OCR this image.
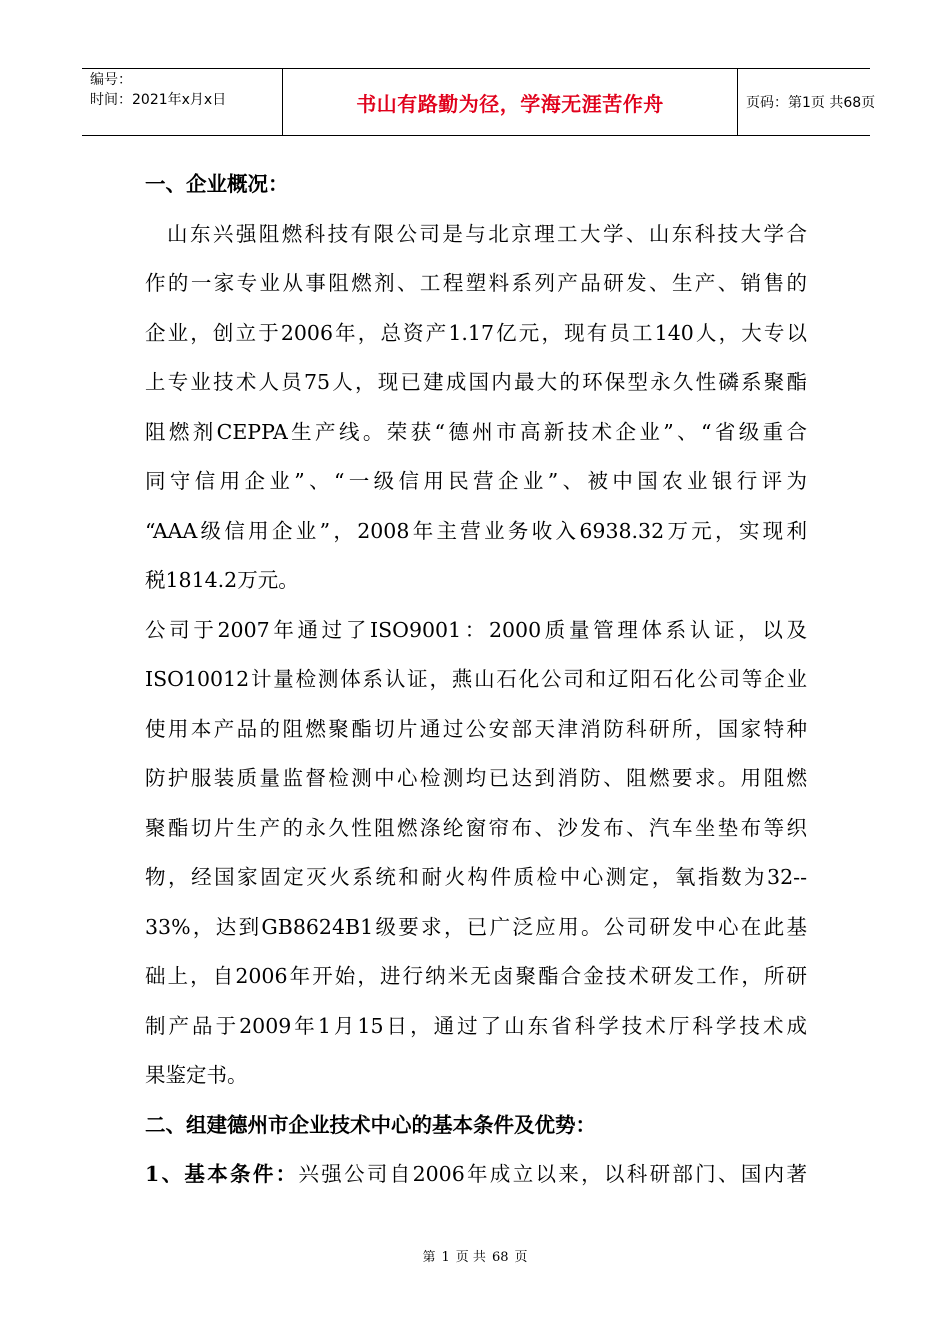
编号：
时间：2021年x月x日	书山有路勤为径，学海无涯苦作舟	页码：第1页 共68页
一、企业概况：
山东兴强阻燃科技有限公司是与北京理工大学、山东科技大学合
作的一家专业从事阻燃剂、工程塑料系列产品研发、生产、销售的
企业，创立于2006年，总资产1.17亿元，现有员工140人，大专以
上专业技术人员75人，现已建成国内最大的环保型永久性磷系聚酯
阻燃剂CEPPA生产线。荣获“德州市高新技术企业”、“省级重合
同守信用企业”、“一级信用民营企业”、被中国农业银行评为
“AAA级信用企业”，2008年主营业务收入6938.32万元，实现利
税1814.2万元。
公司于2007年通过了ISO9001：2000质量管理体系认证，以及
ISO10012计量检测体系认证，燕山石化公司和辽阳石化公司等企业
使用本产品的阻燃聚酯切片通过公安部天津消防科研所，国家特种
防护服装质量监督检测中心检测均已达到消防、阻燃要求。用阻燃
聚酯切片生产的永久性阻燃涤纶窗帘布、沙发布、汽车坐垫布等织
物，经国家固定灭火系统和耐火构件质检中心测定，氧指数为32--
33%，达到GB8624B1级要求，已广泛应用。公司研发中心在此基
础上，自2006年开始，进行纳米无卤聚酯合金技术研发工作，所研
制产品于2009年1月15日，通过了山东省科学技术厅科学技术成
果鉴定书。
二、组建德州市企业技术中心的基本条件及优势：
1、基本条件：兴强公司自2006年成立以来，以科研部门、国内著
第 1 页 共 68 页
